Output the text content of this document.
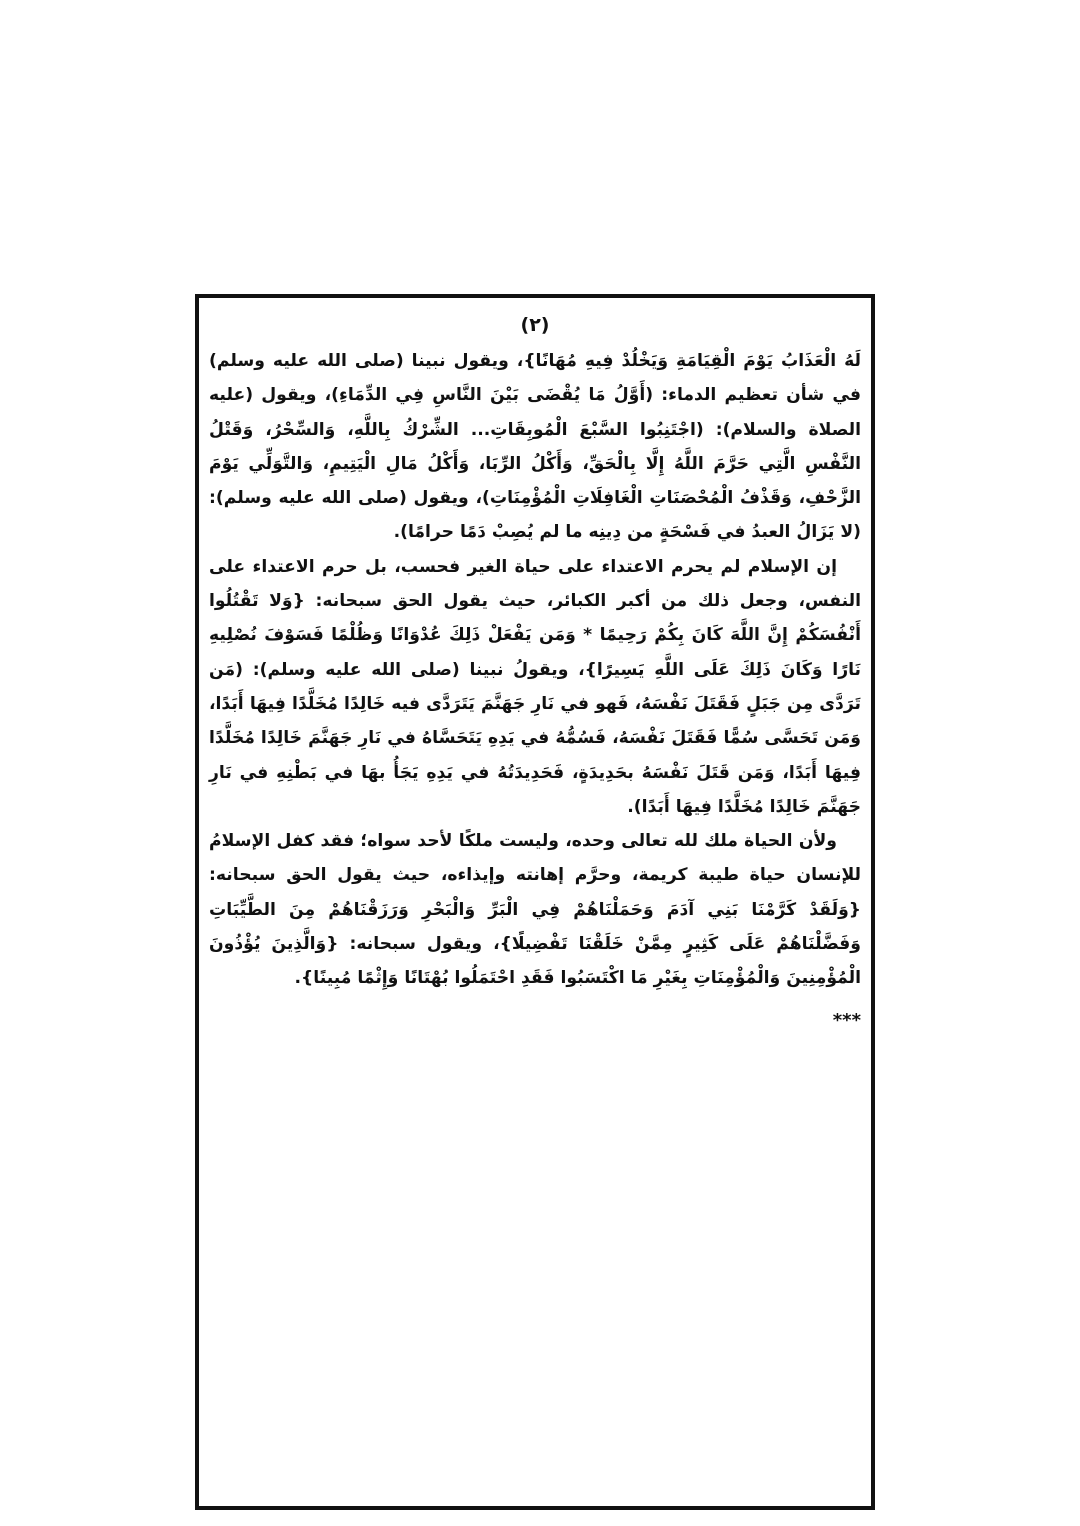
(٢)

لَهُ الْعَذَابُ يَوْمَ الْقِيَامَةِ وَيَخْلُدْ فِيهِ مُهَانًا}، ويقول نبينا (صلى الله عليه وسلم) في شأن تعظيم الدماء: (أَوَّلُ مَا يُقْضَى بَيْنَ النَّاسِ فِي الدِّمَاءِ)، ويقول (عليه الصلاة والسلام): (اجْتَنِبُوا السَّبْعَ الْمُوبِقَاتِ... الشِّرْكُ بِاللَّهِ، وَالسِّحْرُ، وَقَتْلُ النَّفْسِ الَّتِي حَرَّمَ اللَّهُ إِلَّا بِالْحَقِّ، وَأَكْلُ الرِّبَا، وَأَكْلُ مَالِ الْيَتِيمِ، وَالتَّوَلِّي يَوْمَ الزَّحْفِ، وَقَذْفُ الْمُحْصَنَاتِ الْغَافِلَاتِ الْمُؤْمِنَاتِ)، ويقول (صلى الله عليه وسلم): (لا يَزَالُ العبدُ في فَسْحَةٍ من دِينِه ما لم يُصِبْ دَمًا حرامًا).

إن الإسلام لم يحرم الاعتداء على حياة الغير فحسب، بل حرم الاعتداء على النفس، وجعل ذلك من أكبر الكبائر، حيث يقول الحق سبحانه: {وَلا تَقْتُلُوا أَنْفُسَكُمْ إِنَّ اللَّهَ كَانَ بِكُمْ رَحِيمًا * وَمَن يَفْعَلْ ذَلِكَ عُدْوَانًا وَظُلْمًا فَسَوْفَ نُصْلِيهِ نَارًا وَكَانَ ذَلِكَ عَلَى اللَّهِ يَسِيرًا}، ويقولُ نبينا (صلى الله عليه وسلم): (مَن تَرَدَّى مِن جَبَلٍ فَقَتَلَ نَفْسَهُ، فَهو في نَارِ جَهَنَّمَ يَتَرَدَّى فيه خَالِدًا مُخَلَّدًا فِيهَا أَبَدًا، وَمَن تَحَسَّى سُمًّا فَقَتَلَ نَفْسَهُ، فَسُمُّهُ في يَدِهِ يَتَحَسَّاهُ في نَارِ جَهَنَّمَ خَالِدًا مُخَلَّدًا فِيهَا أَبَدًا، وَمَن قَتَلَ نَفْسَهُ بحَدِيدَةٍ، فَحَدِيدَتُهُ في يَدِهِ يَجَأُ بهَا في بَطْنِهِ في نَارِ جَهَنَّمَ خَالِدًا مُخَلَّدًا فِيهَا أَبَدًا).

ولأن الحياة ملك لله تعالى وحده، وليست ملكًا لأحد سواه؛ فقد كفل الإسلامُ للإنسان حياة طيبة كريمة، وحرَّم إهانته وإيذاءه، حيث يقول الحق سبحانه: {وَلَقَدْ كَرَّمْنَا بَنِي آدَمَ وَحَمَلْنَاهُمْ فِي الْبَرِّ وَالْبَحْرِ وَرَزَقْنَاهُمْ مِنَ الطَّيِّبَاتِ وَفَضَّلْنَاهُمْ عَلَى كَثِيرٍ مِمَّنْ خَلَقْنَا تَفْضِيلًا}، ويقول سبحانه: {وَالَّذِينَ يُؤْذُونَ الْمُؤْمِنِينَ وَالْمُؤْمِنَاتِ بِغَيْرِ مَا اكْتَسَبُوا فَقَدِ احْتَمَلُوا بُهْتَانًا وَإِثْمًا مُبِينًا}.

***
